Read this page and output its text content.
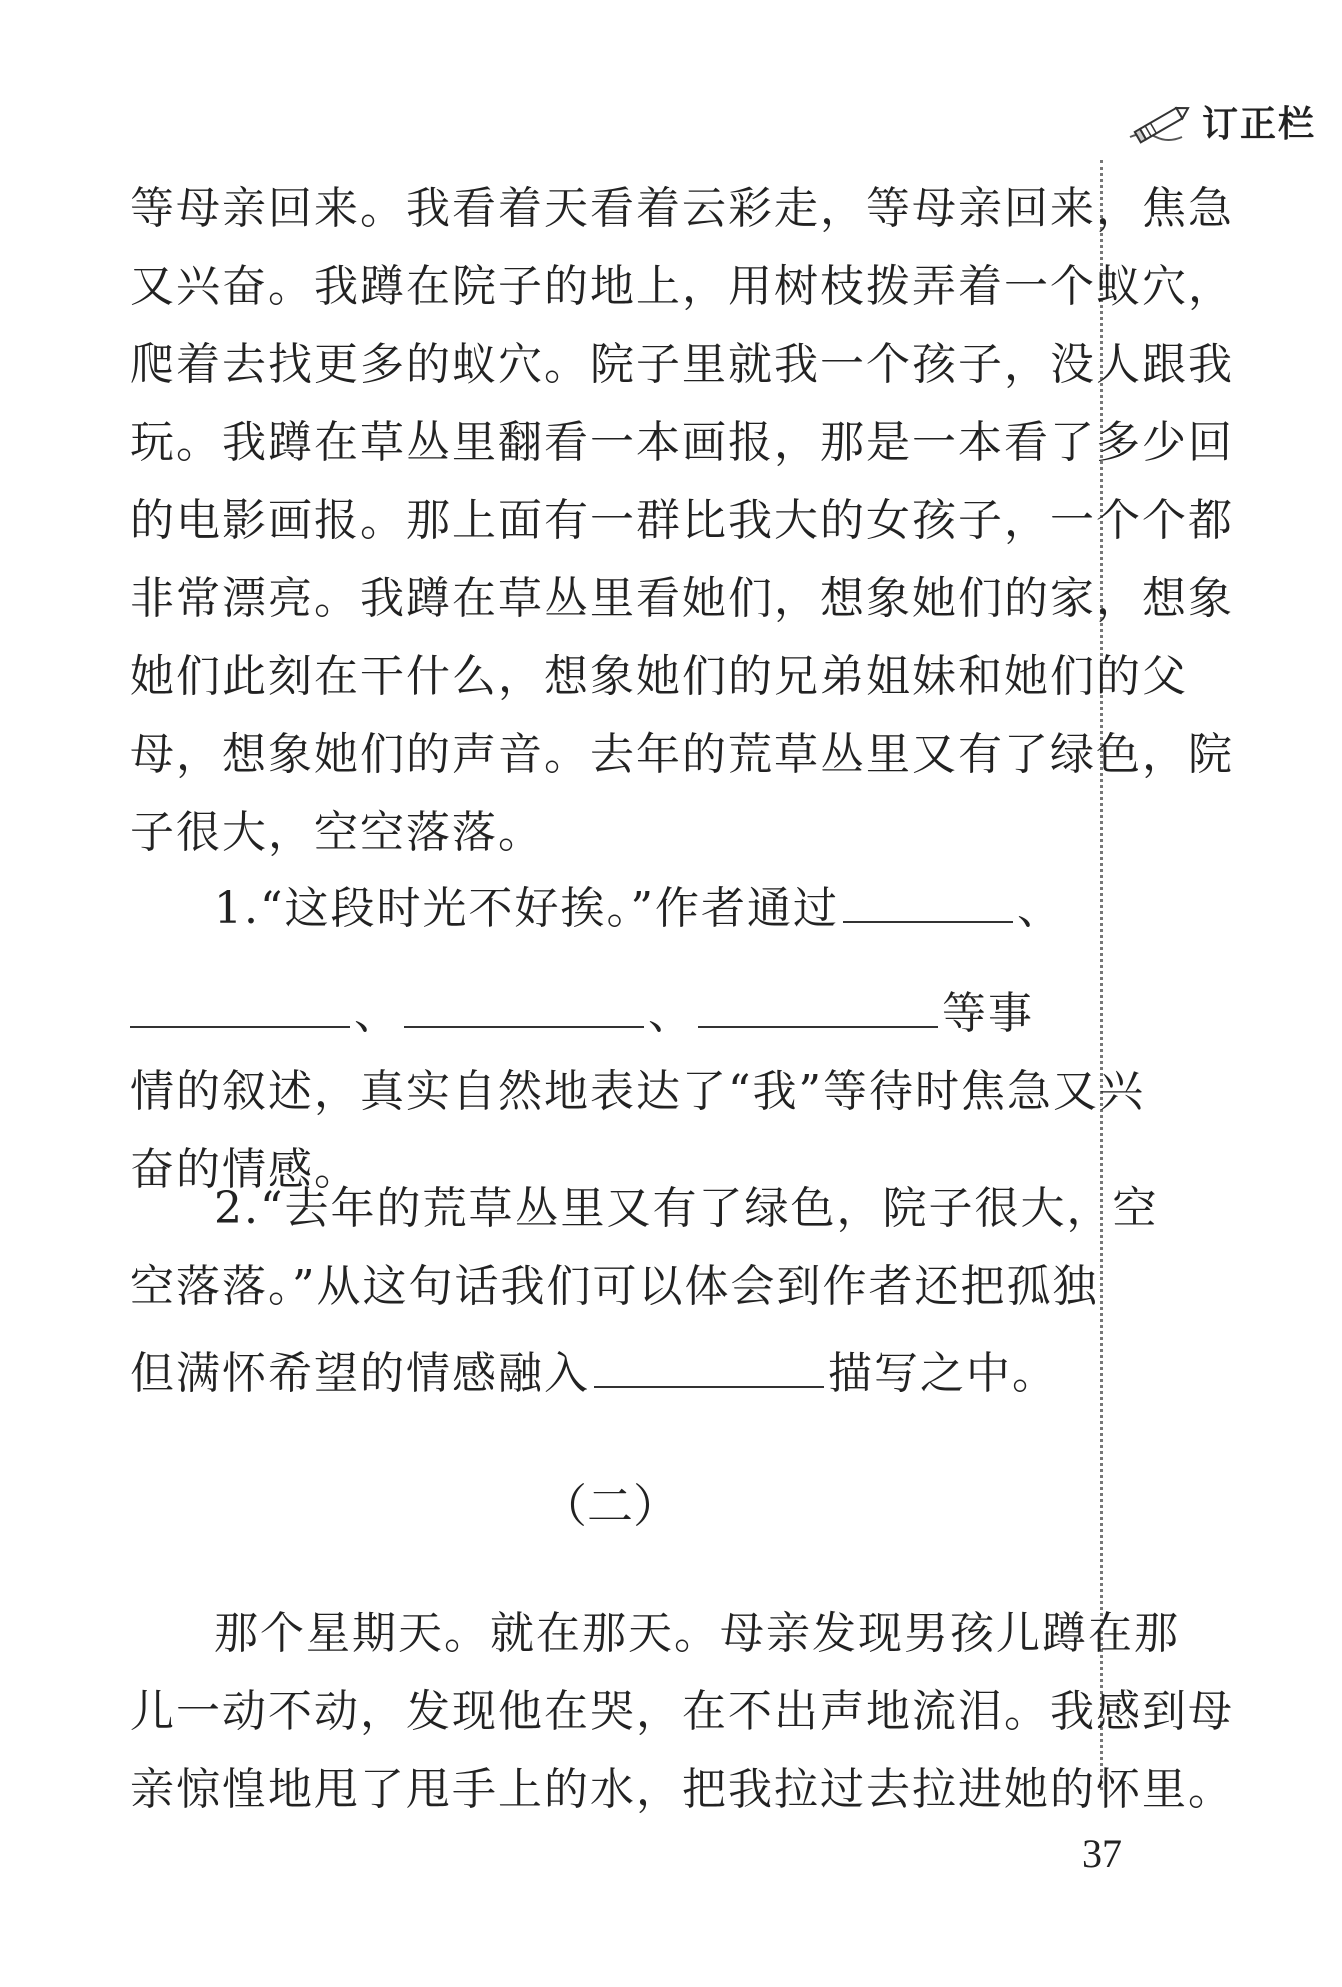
订正栏
等母亲回来。我看着天看着云彩走，等母亲回来，焦急
又兴奋。我蹲在院子的地上，用树枝拨弄着一个蚁穴，
爬着去找更多的蚁穴。院子里就我一个孩子，没人跟我
玩。我蹲在草丛里翻看一本画报，那是一本看了多少回
的电影画报。那上面有一群比我大的女孩子，一个个都
非常漂亮。我蹲在草丛里看她们，想象她们的家，想象
她们此刻在干什么，想象她们的兄弟姐妹和她们的父
母，想象她们的声音。去年的荒草丛里又有了绿色，院
子很大，空空落落。
1.“这段时光不好挨。”作者通过	、
、	、	等事
情的叙述，真实自然地表达了“我”等待时焦急又兴
奋的情感。
2.“去年的荒草丛里又有了绿色，院子很大，空
空落落。”从这句话我们可以体会到作者还把孤独
但满怀希望的情感融入	描写之中。
（二）
那个星期天。就在那天。母亲发现男孩儿蹲在那
儿一动不动，发现他在哭，在不出声地流泪。我感到母
亲惊惶地甩了甩手上的水，把我拉过去拉进她的怀里。
37
